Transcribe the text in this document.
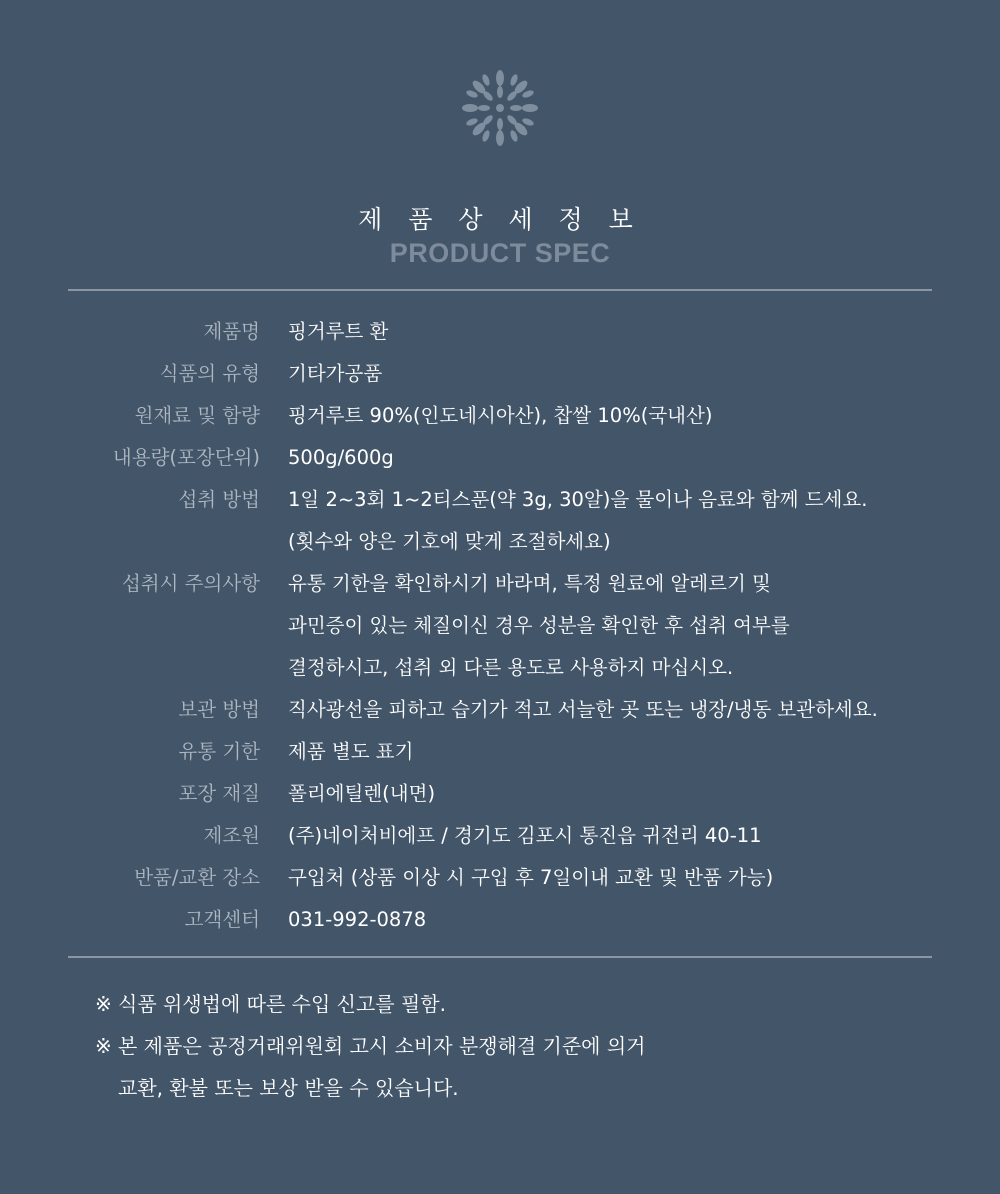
제 품 상 세 정 보
PRODUCT SPEC
제품명 핑거루트 환
식품의 유형 기타가공품
원재료 및 함량 핑거루트 90%(인도네시아산), 찹쌀 10%(국내산)
내용량(포장단위) 500g/600g
섭취 방법 1일 2~3회 1~2티스푼(약 3g, 30알)을 물이나 음료와 함께 드세요.
(횟수와 양은 기호에 맞게 조절하세요)
섭취시 주의사항 유통 기한을 확인하시기 바라며, 특정 원료에 알레르기 및
과민증이 있는 체질이신 경우 성분을 확인한 후 섭취 여부를
결정하시고, 섭취 외 다른 용도로 사용하지 마십시오.
보관 방법 직사광선을 피하고 습기가 적고 서늘한 곳 또는 냉장/냉동 보관하세요.
유통 기한 제품 별도 표기
포장 재질 폴리에틸렌(내면)
제조원 (주)네이처비에프 / 경기도 김포시 통진읍 귀전리 40-11
반품/교환 장소 구입처 (상품 이상 시 구입 후 7일이내 교환 및 반품 가능)
고객센터 031-992-0878
※ 식품 위생법에 따른 수입 신고를 필함.
※ 본 제품은 공정거래위원회 고시 소비자 분쟁해결 기준에 의거
교환, 환불 또는 보상 받을 수 있습니다.
